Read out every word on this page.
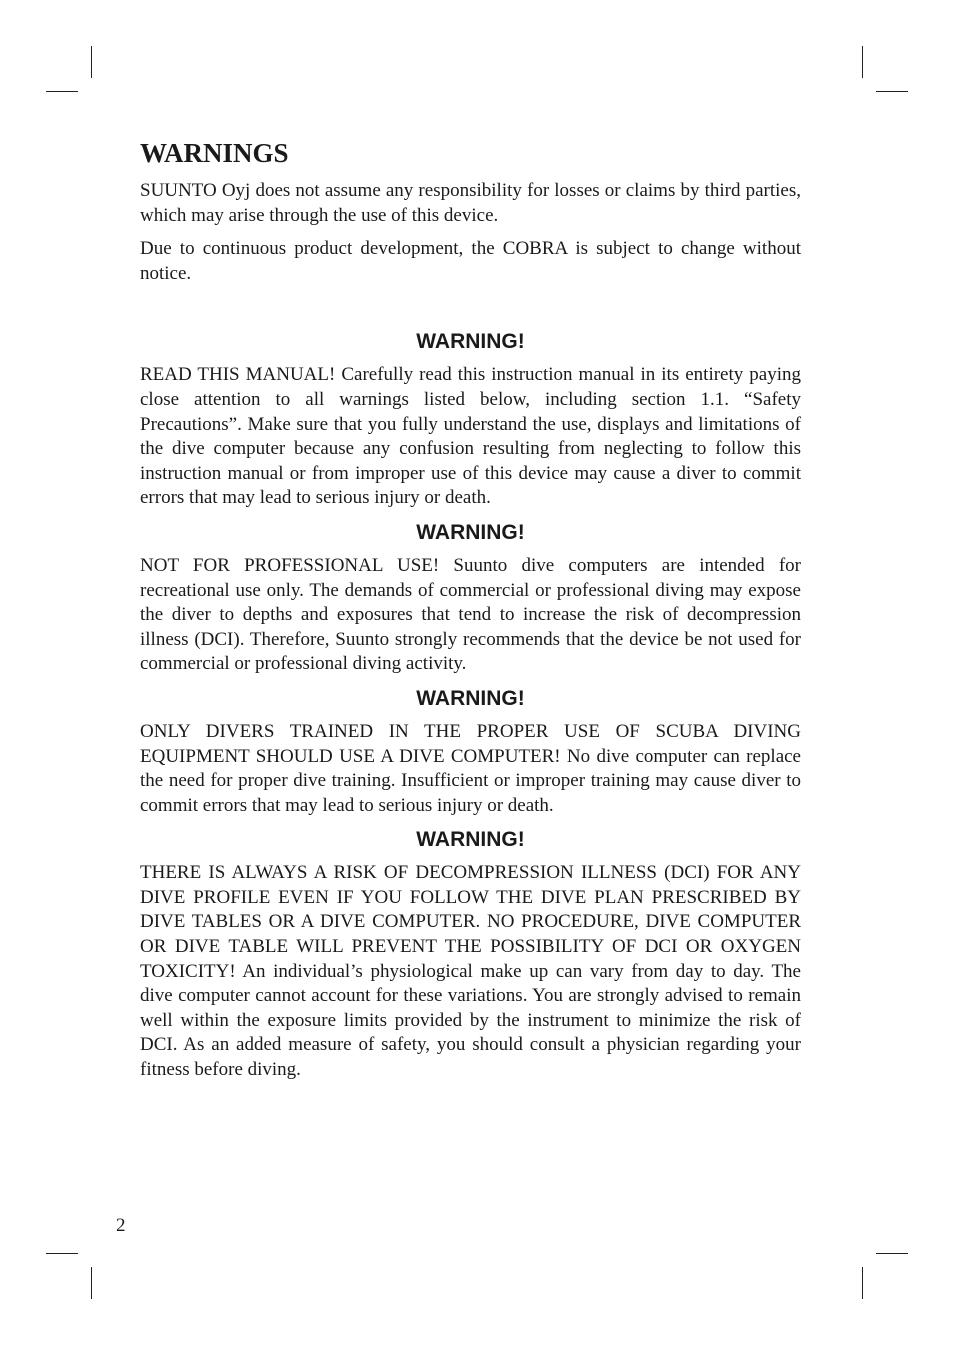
WARNINGS

SUUNTO Oyj does not assume any responsibility for losses or claims by third parties, which may arise through the use of this device.

Due to continuous product development, the COBRA is subject to change without notice.

WARNING!

READ THIS MANUAL! Carefully read this instruction manual in its entirety paying close attention to all warnings listed below, including section 1.1. “Safety Precautions”. Make sure that you fully understand the use, displays and limitations of the dive computer because any confusion resulting from neglecting to follow this instruction manual or from improper use of this device may cause a diver to commit errors that may lead to serious injury or death.

WARNING!

NOT FOR PROFESSIONAL USE! Suunto dive computers are intended for recreational use only. The demands of commercial or professional diving may expose the diver to depths and exposures that tend to increase the risk of decompression illness (DCI). Therefore, Suunto strongly recommends that the device be not used for commercial or professional diving activity.

WARNING!

ONLY DIVERS TRAINED IN THE PROPER USE OF SCUBA DIVING EQUIPMENT SHOULD USE A DIVE COMPUTER! No dive computer can replace the need for proper dive training. Insufficient or improper training may cause diver to commit errors that may lead to serious injury or death.

WARNING!

THERE IS ALWAYS A RISK OF DECOMPRESSION ILLNESS (DCI) FOR ANY DIVE PROFILE EVEN IF YOU FOLLOW THE DIVE PLAN PRESCRIBED BY DIVE TABLES OR A DIVE COMPUTER. NO PROCEDURE, DIVE COMPUTER OR DIVE TABLE WILL PREVENT THE POSSIBILITY OF DCI OR OXYGEN TOXICITY! An individual’s physiological make up can vary from day to day. The dive computer cannot account for these variations. You are strongly advised to remain well within the exposure limits provided by the instrument to minimize the risk of DCI. As an added measure of safety, you should consult a physician regarding your fitness before diving.

2
